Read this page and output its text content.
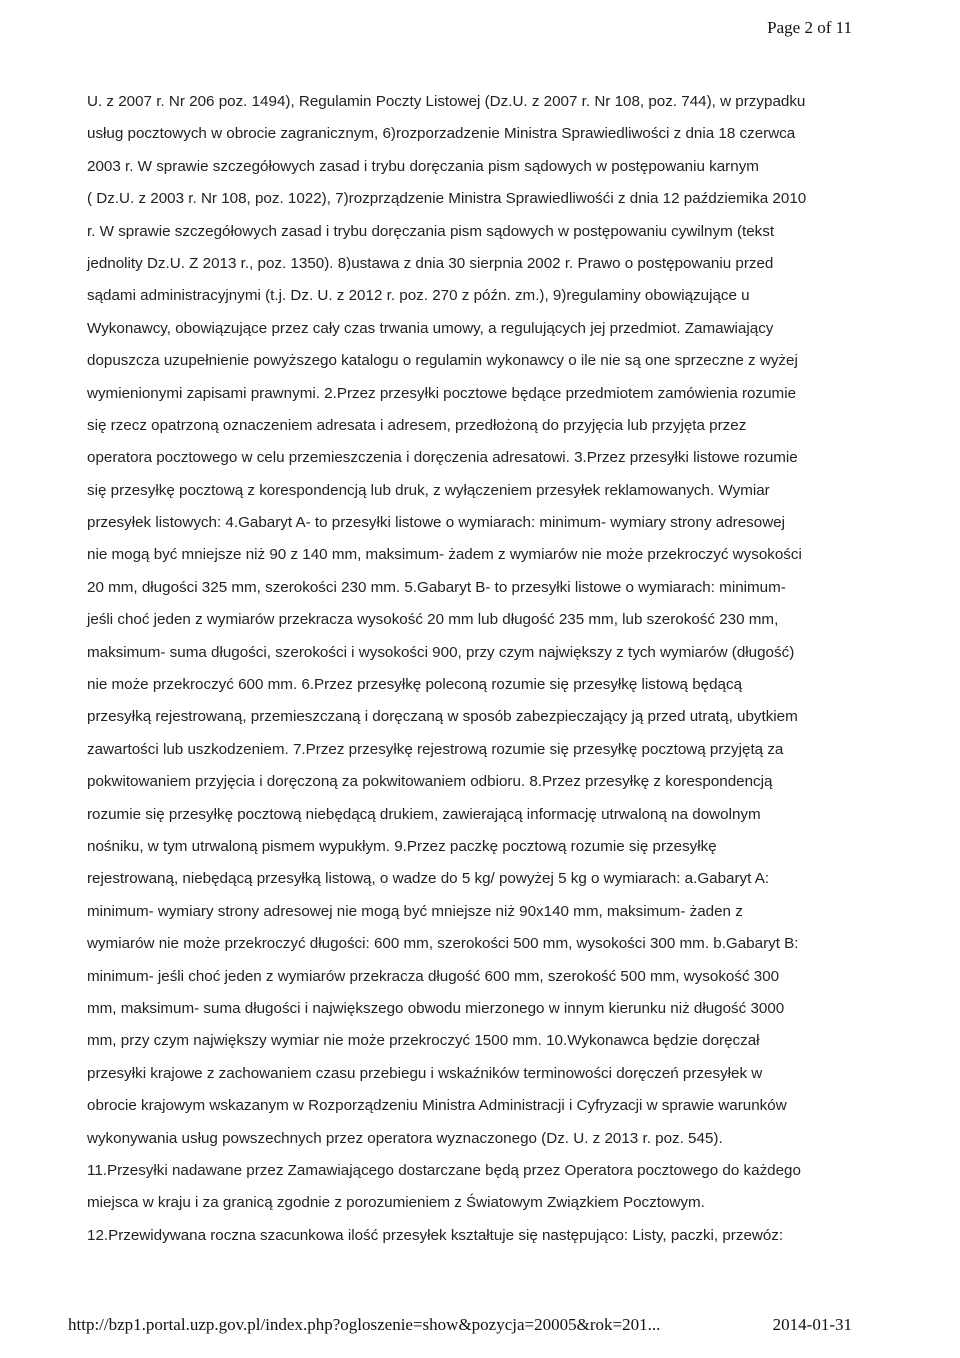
Page 2 of 11
U. z 2007 r. Nr 206 poz. 1494), Regulamin Poczty Listowej (Dz.U. z 2007 r. Nr 108, poz. 744), w przypadku
usług pocztowych w obrocie zagranicznym, 6)rozporzadzenie Ministra Sprawiedliwości z dnia 18 czerwca
2003 r. W sprawie szczegółowych zasad i trybu doręczania pism sądowych w postępowaniu karnym
( Dz.U. z 2003 r. Nr 108, poz. 1022), 7)rozprządzenie Ministra Sprawiedliwośći z dnia 12 paździemika 2010
r. W sprawie szczegółowych zasad i trybu doręczania pism sądowych w postępowaniu cywilnym (tekst
jednolity Dz.U. Z 2013 r., poz. 1350). 8)ustawa z dnia 30 sierpnia 2002 r. Prawo o postępowaniu przed
sądami administracyjnymi (t.j. Dz. U. z 2012 r. poz. 270 z późn. zm.), 9)regulaminy obowiązujące u
Wykonawcy, obowiązujące przez cały czas trwania umowy, a regulujących jej przedmiot. Zamawiający
dopuszcza uzupełnienie powyższego katalogu o regulamin wykonawcy o ile nie są one sprzeczne z wyżej
wymienionymi zapisami prawnymi. 2.Przez przesyłki pocztowe będące przedmiotem zamówienia rozumie
się rzecz opatrzoną oznaczeniem adresata i adresem, przedłożoną do przyjęcia lub przyjęta przez
operatora pocztowego w celu przemieszczenia i doręczenia adresatowi. 3.Przez przesyłki listowe rozumie
się przesyłkę pocztową z korespondencją lub druk, z wyłączeniem przesyłek reklamowanych. Wymiar
przesyłek listowych: 4.Gabaryt A- to przesyłki listowe o wymiarach: minimum- wymiary strony adresowej
nie mogą być mniejsze niż 90 z 140 mm, maksimum- żadem z wymiarów nie może przekroczyć wysokości
20 mm, długości 325 mm, szerokości 230 mm. 5.Gabaryt B- to przesyłki listowe o wymiarach: minimum-
jeśli choć jeden z wymiarów przekracza wysokość 20 mm lub długość 235 mm, lub szerokość 230 mm,
maksimum- suma długości, szerokości i wysokości 900, przy czym największy z tych wymiarów (długość)
nie może przekroczyć 600 mm. 6.Przez przesyłkę poleconą rozumie się przesyłkę listową będącą
przesyłką rejestrowaną, przemieszczaną i doręczaną w sposób zabezpieczający ją przed utratą, ubytkiem
zawartości lub uszkodzeniem. 7.Przez przesyłkę rejestrową rozumie się przesyłkę pocztową przyjętą za
pokwitowaniem przyjęcia i doręczoną za pokwitowaniem odbioru. 8.Przez przesyłkę z korespondencją
rozumie się przesyłkę pocztową niebędącą drukiem, zawierającą informację utrwaloną na dowolnym
nośniku, w tym utrwaloną pismem wypukłym. 9.Przez paczkę pocztową rozumie się przesyłkę
rejestrowaną, niebędącą przesyłką listową, o wadze do 5 kg/ powyżej 5 kg o wymiarach: a.Gabaryt A:
minimum- wymiary strony adresowej nie mogą być mniejsze niż 90x140 mm, maksimum- żaden z
wymiarów nie może przekroczyć długości: 600 mm, szerokości 500 mm, wysokości 300 mm. b.Gabaryt B:
minimum- jeśli choć jeden z wymiarów przekracza długość 600 mm, szerokość 500 mm, wysokość 300
mm, maksimum- suma długości i największego obwodu mierzonego w innym kierunku niż długość 3000
mm, przy czym największy wymiar nie może przekroczyć 1500 mm. 10.Wykonawca będzie doręczał
przesyłki krajowe z zachowaniem czasu przebiegu i wskaźników terminowości doręczeń przesyłek w
obrocie krajowym wskazanym w Rozporządzeniu Ministra Administracji i Cyfryzacji w sprawie warunków
wykonywania usług powszechnych przez operatora wyznaczonego (Dz. U. z 2013 r. poz. 545).
11.Przesyłki nadawane przez Zamawiającego dostarczane będą przez Operatora pocztowego do każdego
miejsca w kraju i za granicą zgodnie z porozumieniem z Światowym Związkiem Pocztowym.
12.Przewidywana roczna szacunkowa ilość przesyłek kształtuje się następująco: Listy, paczki, przewóz:
http://bzp1.portal.uzp.gov.pl/index.php?ogloszenie=show&pozycja=20005&rok=201...	2014-01-31
